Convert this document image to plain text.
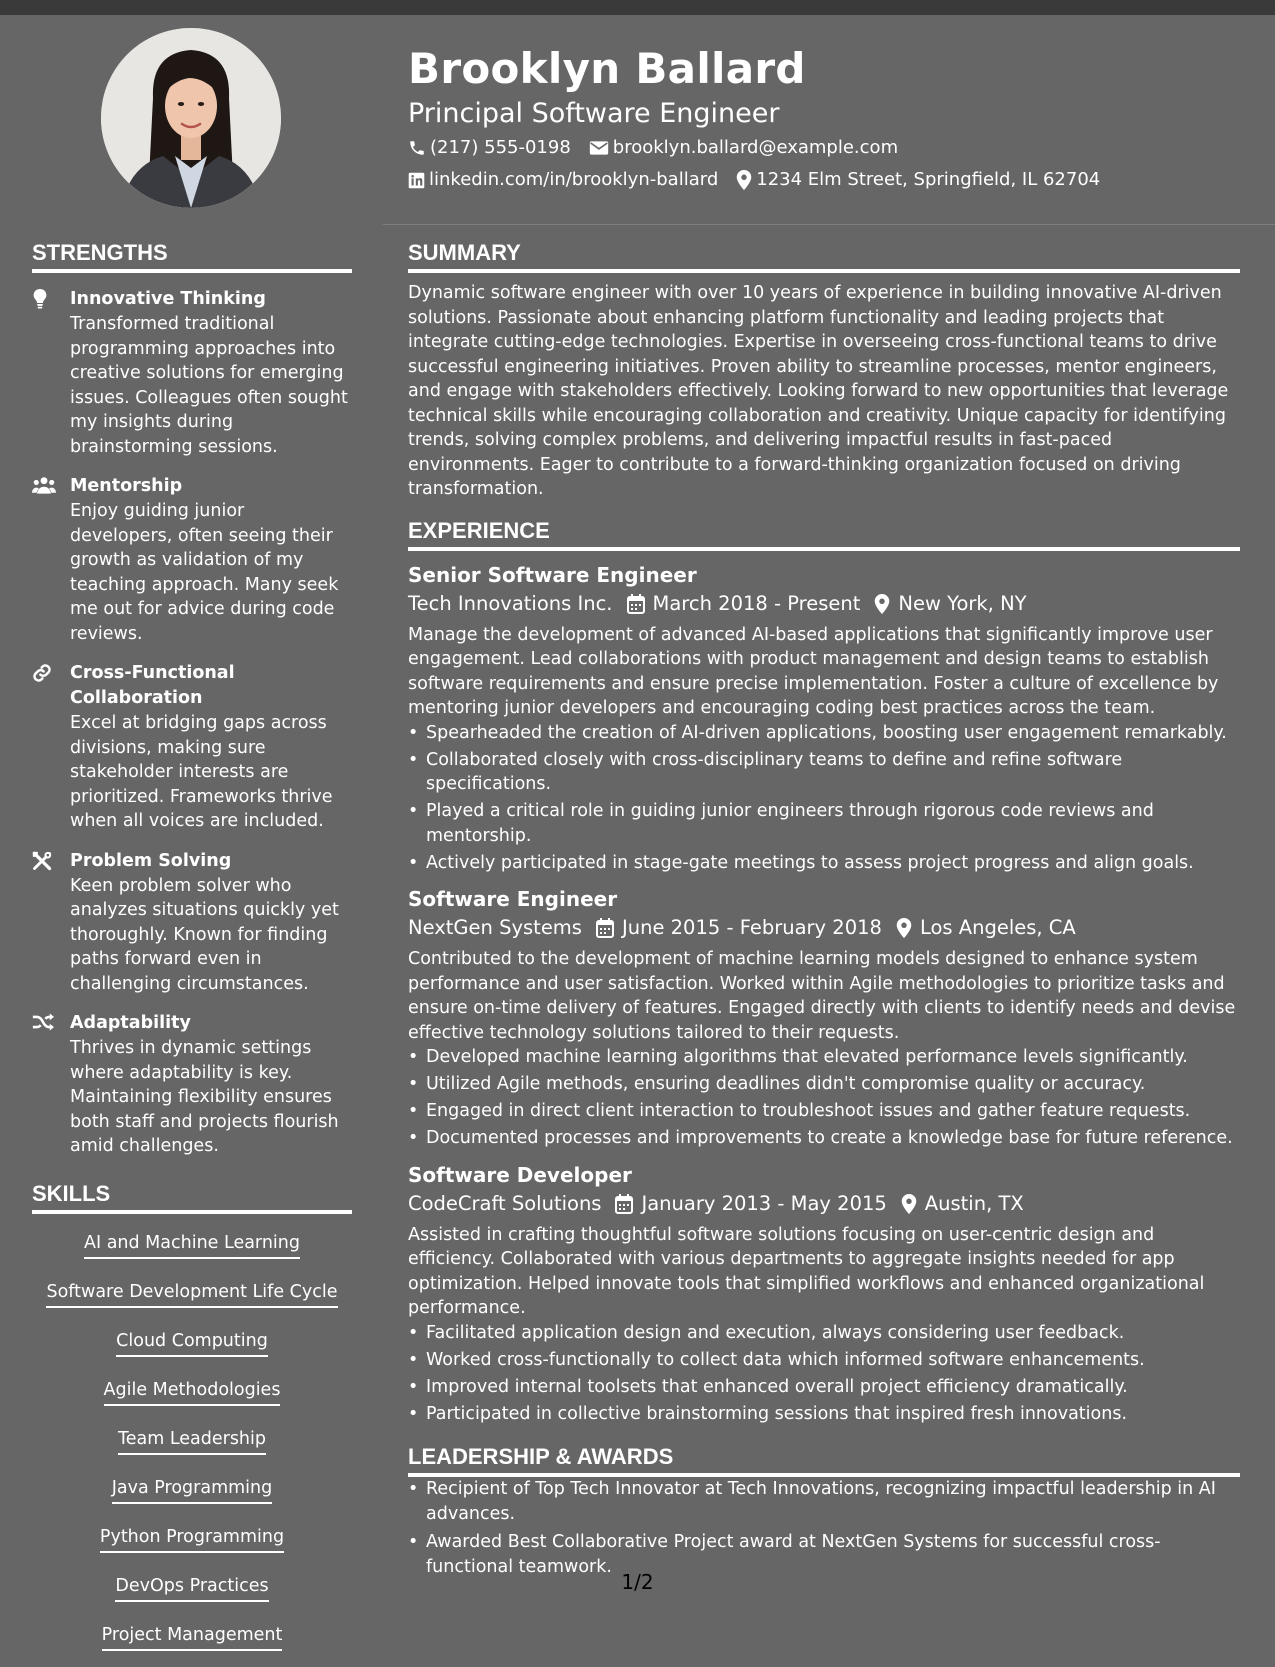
Brooklyn Ballard
Principal Software Engineer
(217) 555-0198 brooklyn.ballard@example.com
linkedin.com/in/brooklyn-ballard 1234 Elm Street, Springfield, IL 62704
STRENGTHS
Innovative Thinking
Transformed traditional programming approaches into creative solutions for emerging issues. Colleagues often sought my insights during brainstorming sessions.
Mentorship
Enjoy guiding junior developers, often seeing their growth as validation of my teaching approach. Many seek me out for advice during code reviews.
Cross-Functional Collaboration
Excel at bridging gaps across divisions, making sure stakeholder interests are prioritized. Frameworks thrive when all voices are included.
Problem Solving
Keen problem solver who analyzes situations quickly yet thoroughly. Known for finding paths forward even in challenging circumstances.
Adaptability
Thrives in dynamic settings where adaptability is key. Maintaining flexibility ensures both staff and projects flourish amid challenges.
SKILLS
AI and Machine Learning
Software Development Life Cycle
Cloud Computing
Agile Methodologies
Team Leadership
Java Programming
Python Programming
DevOps Practices
Project Management
SUMMARY

Dynamic software engineer with over 10 years of experience in building innovative AI-driven solutions. Passionate about enhancing platform functionality and leading projects that integrate cutting-edge technologies. Expertise in overseeing cross-functional teams to drive successful engineering initiatives. Proven ability to streamline processes, mentor engineers, and engage with stakeholders effectively. Looking forward to new opportunities that leverage technical skills while encouraging collaboration and creativity. Unique capacity for identifying trends, solving complex problems, and delivering impactful results in fast-paced environments. Eager to contribute to a forward-thinking organization focused on driving transformation.

EXPERIENCE
Senior Software Engineer
Tech Innovations Inc. March 2018 - Present New York, NY

Manage the development of advanced AI-based applications that significantly improve user engagement. Lead collaborations with product management and design teams to establish software requirements and ensure precise implementation. Foster a culture of excellence by mentoring junior developers and encouraging coding best practices across the team.

• Spearheaded the creation of AI-driven applications, boosting user engagement remarkably.
• Collaborated closely with cross-disciplinary teams to define and refine software specifications.
• Played a critical role in guiding junior engineers through rigorous code reviews and mentorship.
• Actively participated in stage-gate meetings to assess project progress and align goals.
Software Engineer
NextGen Systems June 2015 - February 2018 Los Angeles, CA

Contributed to the development of machine learning models designed to enhance system performance and user satisfaction. Worked within Agile methodologies to prioritize tasks and ensure on-time delivery of features. Engaged directly with clients to identify needs and devise effective technology solutions tailored to their requests.

• Developed machine learning algorithms that elevated performance levels significantly.
• Utilized Agile methods, ensuring deadlines didn't compromise quality or accuracy.
• Engaged in direct client interaction to troubleshoot issues and gather feature requests.
• Documented processes and improvements to create a knowledge base for future reference.
Software Developer
CodeCraft Solutions January 2013 - May 2015 Austin, TX

Assisted in crafting thoughtful software solutions focusing on user-centric design and efficiency. Collaborated with various departments to aggregate insights needed for app optimization. Helped innovate tools that simplified workflows and enhanced organizational performance.

• Facilitated application design and execution, always considering user feedback.
• Worked cross-functionally to collect data which informed software enhancements.
• Improved internal toolsets that enhanced overall project efficiency dramatically.
• Participated in collective brainstorming sessions that inspired fresh innovations.
LEADERSHIP & AWARDS
• Recipient of Top Tech Innovator at Tech Innovations, recognizing impactful leadership in AI advances.
• Awarded Best Collaborative Project award at NextGen Systems for successful cross-functional teamwork.
1/2
